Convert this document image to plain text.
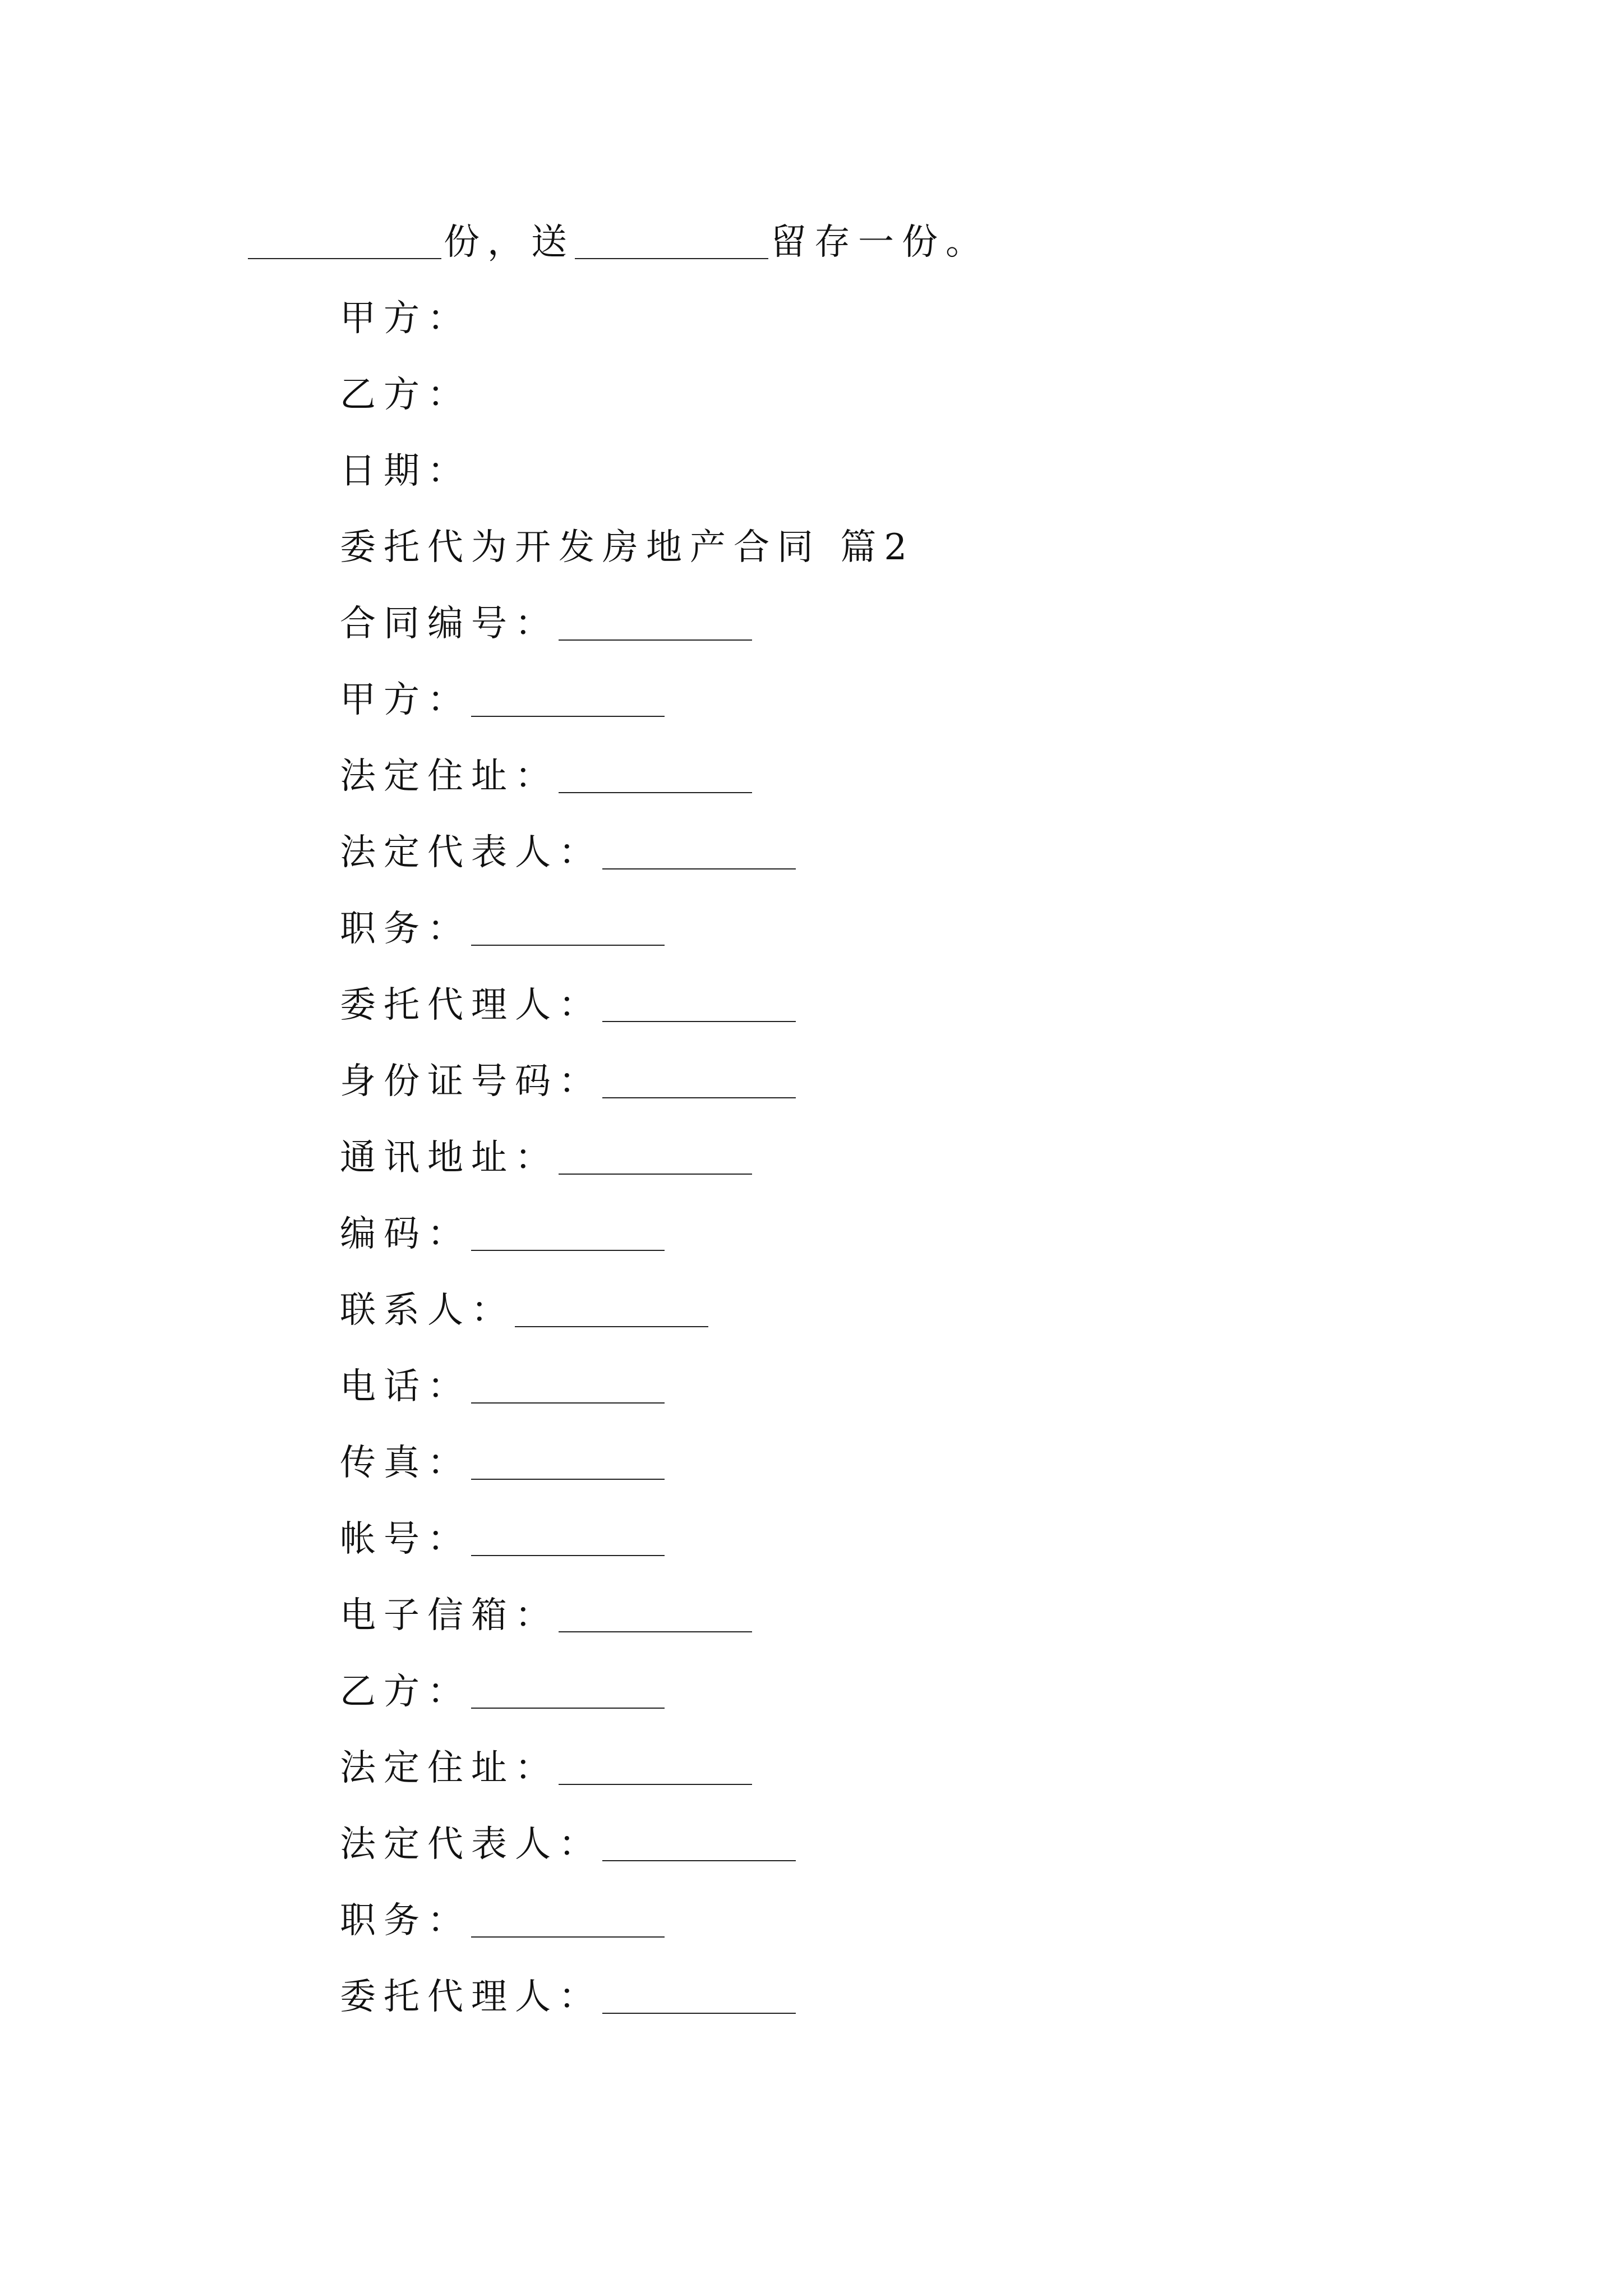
份，送	留存一份。
甲方：
乙方：
日期：
委托代为开发房地产合同 篇2
合同编号：
甲方：
法定住址：
法定代表人：
职务：
委托代理人：
身份证号码：
通讯地址：
编码：
联系人：
电话：
传真：
帐号：
电子信箱：
乙方：
法定住址：
法定代表人：
职务：
委托代理人：
